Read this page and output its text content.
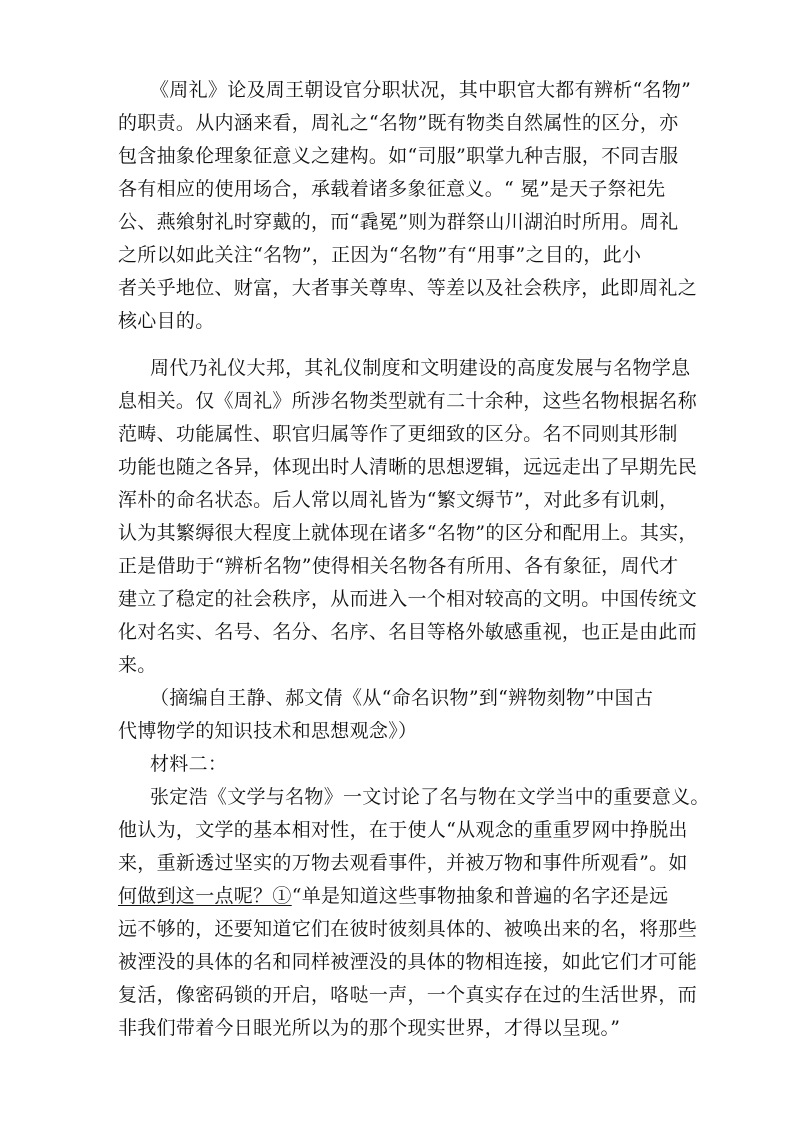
《周礼》论及周王朝设官分职状况，其中职官大都有辨析“名物”
的职责。从内涵来看，周礼之“名物”既有物类自然属性的区分，亦
包含抽象伦理象征意义之建构。如“司服”职掌九种吉服，不同吉服
各有相应的使用场合，承载着诸多象征意义。“ 冕”是天子祭祀先
公、燕飨射礼时穿戴的，而“毳冕”则为群祭山川湖泊时所用。周礼
之所以如此关注“名物”，正因为“名物”有“用事”之目的，此小
者关乎地位、财富，大者事关尊卑、等差以及社会秩序，此即周礼之
核心目的。
周代乃礼仪大邦，其礼仪制度和文明建设的高度发展与名物学息
息相关。仅《周礼》所涉名物类型就有二十余种，这些名物根据名称
范畴、功能属性、职官归属等作了更细致的区分。名不同则其形制
功能也随之各异，体现出时人清晰的思想逻辑，远远走出了早期先民
浑朴的命名状态。后人常以周礼皆为“繁文缛节”，对此多有讥刺，
认为其繁缛很大程度上就体现在诸多“名物”的区分和配用上。其实，
正是借助于“辨析名物”使得相关名物各有所用、各有象征，周代才
建立了稳定的社会秩序，从而进入一个相对较高的文明。中国传统文
化对名实、名号、名分、名序、名目等格外敏感重视，也正是由此而
来。
（摘编自王静、郝文倩《从“命名识物”到“辨物刻物”中国古
代博物学的知识技术和思想观念》）
材料二：
张定浩《文学与名物》一文讨论了名与物在文学当中的重要意义。
他认为，文学的基本相对性，在于使人“从观念的重重罗网中挣脱出
来，重新透过坚实的万物去观看事件，并被万物和事件所观看”。如
何做到这一点呢？①“单是知道这些事物抽象和普遍的名字还是远
远不够的，还要知道它们在彼时彼刻具体的、被唤出来的名，将那些
被湮没的具体的名和同样被湮没的具体的物相连接，如此它们才可能
复活，像密码锁的开启，咯哒一声，一个真实存在过的生活世界，而
非我们带着今日眼光所以为的那个现实世界，才得以呈现。”
